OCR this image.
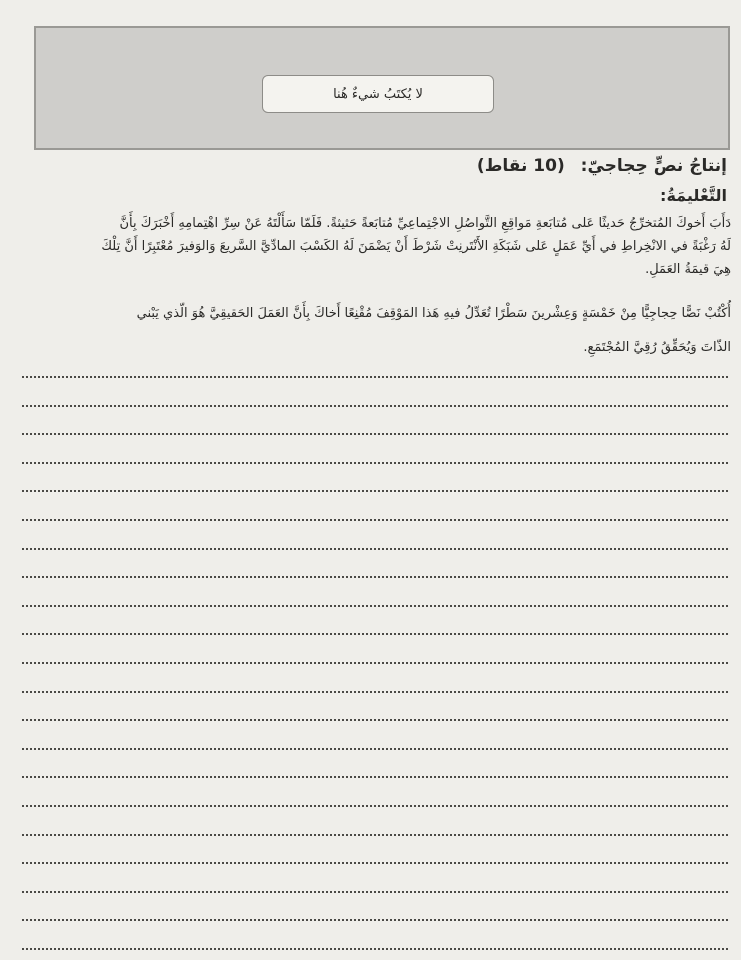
لا يُكتَبُ شيءٌ هُنا
إنتاجُ نصٍّ حِجاجيّ: (10 نقاط)
التَّعْليمَةُ:
دَأَبَ أَخوكَ المُتخرِّجُ حَديثًا عَلى مُتابَعةِ مَواقِعِ التَّواصُلِ الاجْتِماعِيِّ مُتابَعةً حَثيثةً. فَلَمّا سَأَلْتَهُ عَنْ سِرِّ اهْتِمامِهِ أَخْبَرَكَ بِأَنَّ
لَهُ رَغْبَةً في الانْخِراطِ في أَيِّ عَمَلٍ عَلى شَبَكَةِ الأَنْتَرنِتْ شَرْطَ أَنْ يَضْمَنَ لَهُ الكَسْبَ المادِّيَّ السَّريعَ وَالوَفيرَ مُعْتَبِرًا أَنَّ تِلْكَ
هِيَ قيمَةُ العَمَلِ.
أُكْتُبْ نَصًّا حِجاجِيًّا مِنْ خَمْسَةٍ وَعِشْرينَ سَطْرًا تُعَدِّلُ فيهِ هَذا المَوْقِفَ مُقْنِعًا أَخاكَ بِأَنَّ العَمَلَ الحَقيقِيَّ هُوَ الّذي يَبْني
الذّاتَ وَيُحَقِّقُ رُقِيَّ المُجْتَمَعِ.
